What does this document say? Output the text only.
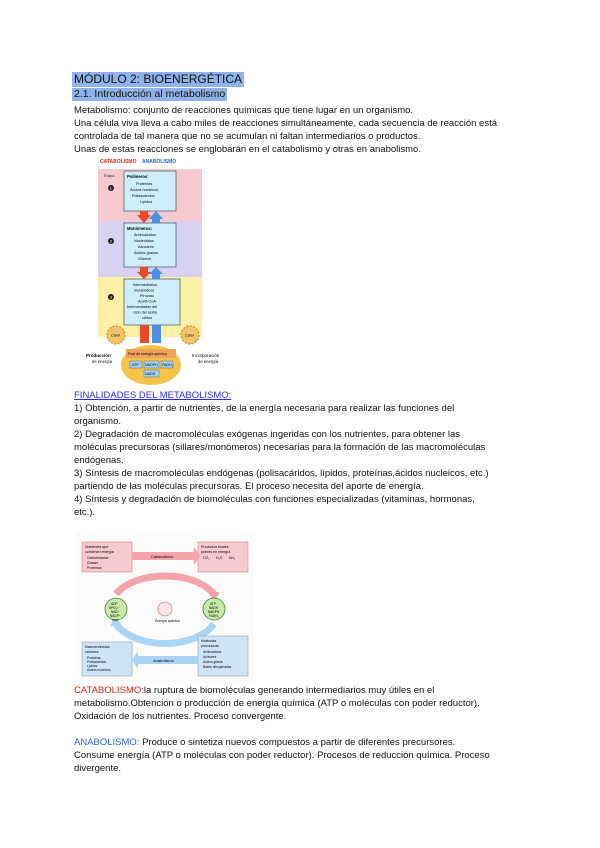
MÓDULO 2: BIOENERGÉTICA
2.1. Introducción al metabolismo
Metabolismo: conjunto de reacciones químicas que tiene lugar en un organismo.
Una célula viva lleva a cabo miles de reacciones simultáneamente, cada secuencia de reacción está
controlada de tal manera que no se acumulan ni faltan intermediarios o productos.
Unas de estas reacciones se englobarán en el catabolismo y otras en anabolismo.
CATABOLISMO ANABOLISMO
Etapa
1
2
3
Polímeros:
Proteínas
Ácidos nucleicos
Polisacáridos
Lípidos
Monómeros:
Aminoácidos
Nucleótidos
Azúcares
Ácidos grasos
Glicerol
Intermediarios
metabólicos
Piruvato
Acetil-CoA
Intermediarios del
ciclo del ácido
cítrico
Calor	Calor
Producción
de energía
Incorporación
de energía
Pool de energía química
ATP NADPH FADH₂
NADH
FINALIDADES DEL METABOLISMO:
1) Obtención, a partir de nutrientes, de la energía necesaria para realizar las funciones del
organismo.
2) Degradación de macromoléculas exógenas ingeridas con los nutrientes, para obtener las
moléculas precursoras (sillares/monómeros) necesarias para la formación de las macromoléculas
endógenas.
3) Síntesis de macromoléculas endógenas (polisacáridos, lípidos, proteínas,ácidos nucleicos, etc.)
partiendo de las moléculas precursoras. El proceso necesita del aporte de energía.
4) Síntesis y degradación de biomoléculas con funciones especializadas (vitaminas, hormonas,
etc.).
Nutrientes que
contienen energía
Carbohidratos
Grasas
Proteínas
Productos finales
pobres en energía
CO₂ H₂O NH₃
Catabolismo
ADP
HPO₄²⁻
NAD⁺
NADP⁺
FAD	Energía química
ATP
NADH
NADPH
FADH₂
Macromoléculas
celulares
Proteínas
Polisacáridos
Lípidos
Ácidos nucleicos
Moléculas
precursoras
Aminoácidos
Azúcares
Ácidos grasos
Bases nitrogenadas
Anabolismo
CATABOLISMO:la ruptura de biomoléculas generando intermediarios muy útiles en el
metabolismo.Obtención o producción de energía química (ATP o moléculas con poder reductor).
Oxidación de los nutrientes. Proceso convergente.
ANABOLISMO: Produce o sintetiza nuevos compuestos a partir de diferentes precursores.
Consume energía (ATP o moléculas con poder reductor). Procesos de reducción química. Proceso
divergente.
